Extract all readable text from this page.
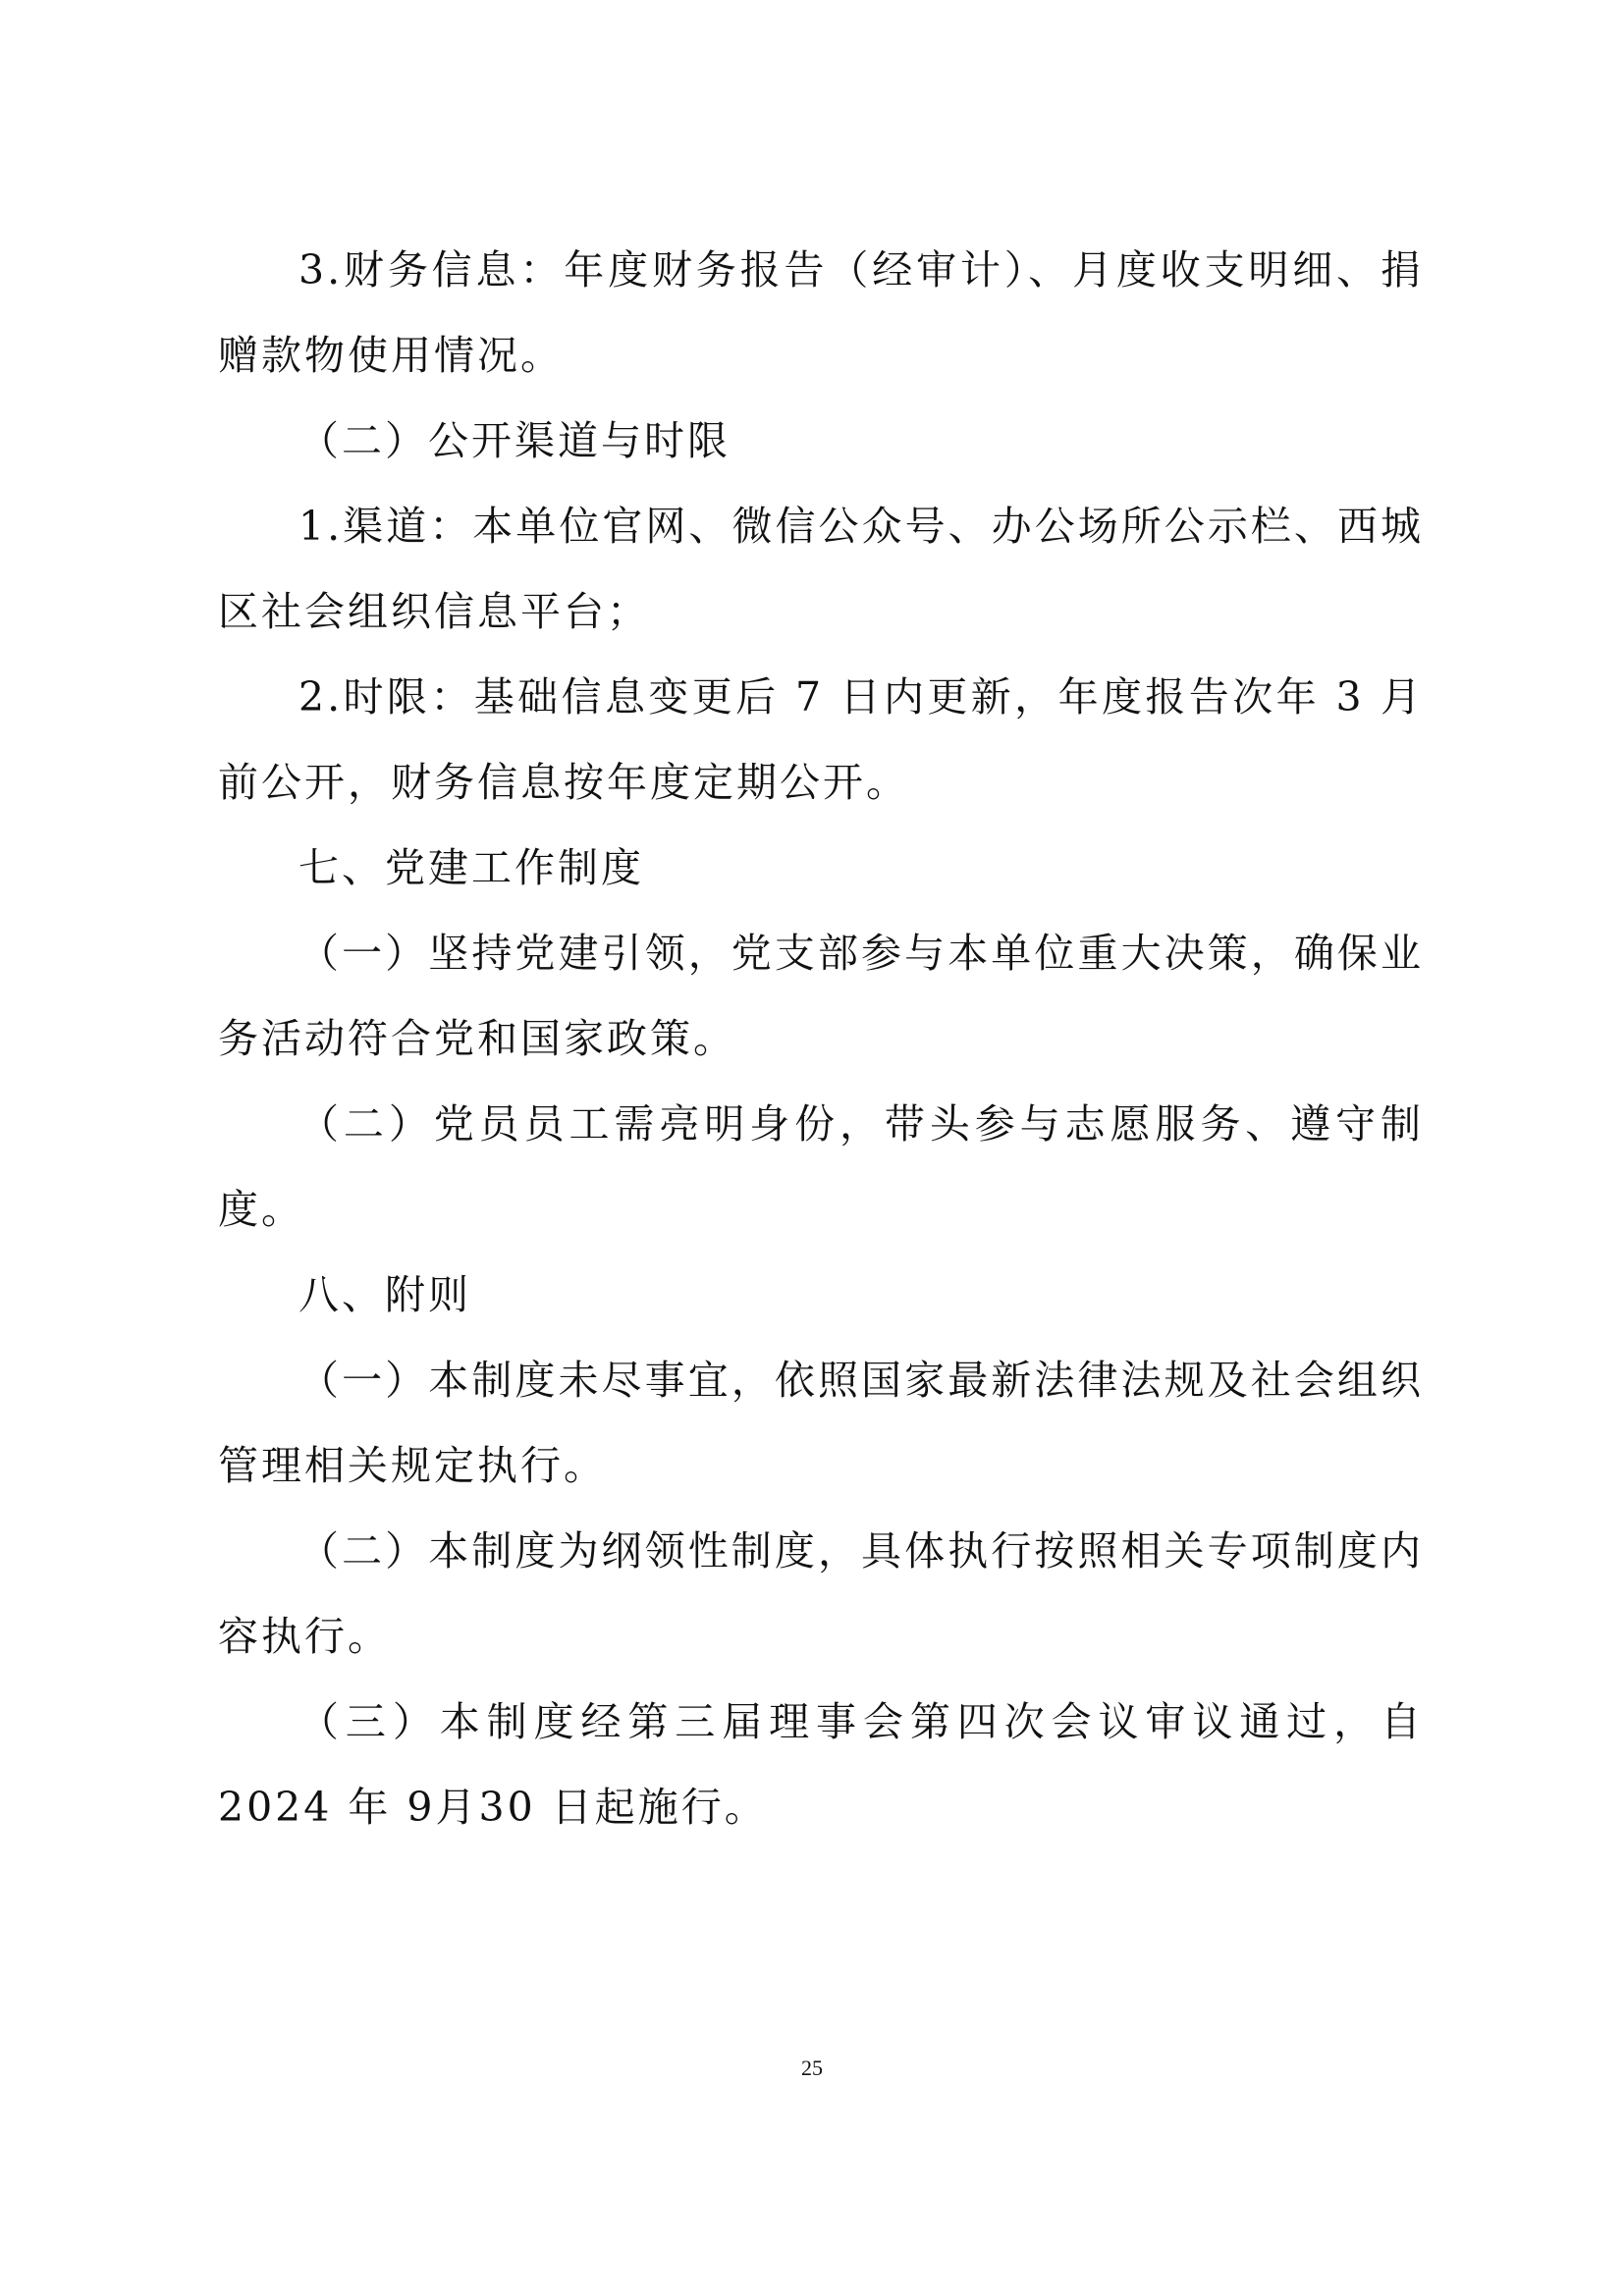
3.财务信息：年度财务报告（经审计）、月度收支明细、捐赠款物使用情况。

（二）公开渠道与时限

1.渠道：本单位官网、微信公众号、办公场所公示栏、西城区社会组织信息平台；

2.时限：基础信息变更后 7 日内更新，年度报告次年 3 月前公开，财务信息按年度定期公开。

七、党建工作制度

（一）坚持党建引领，党支部参与本单位重大决策，确保业务活动符合党和国家政策。

（二）党员员工需亮明身份，带头参与志愿服务、遵守制度。

八、附则

（一）本制度未尽事宜，依照国家最新法律法规及社会组织管理相关规定执行。

（二）本制度为纲领性制度，具体执行按照相关专项制度内容执行。

（三）本制度经第三届理事会第四次会议审议通过，自 2024 年 9月30 日起施行。

25
